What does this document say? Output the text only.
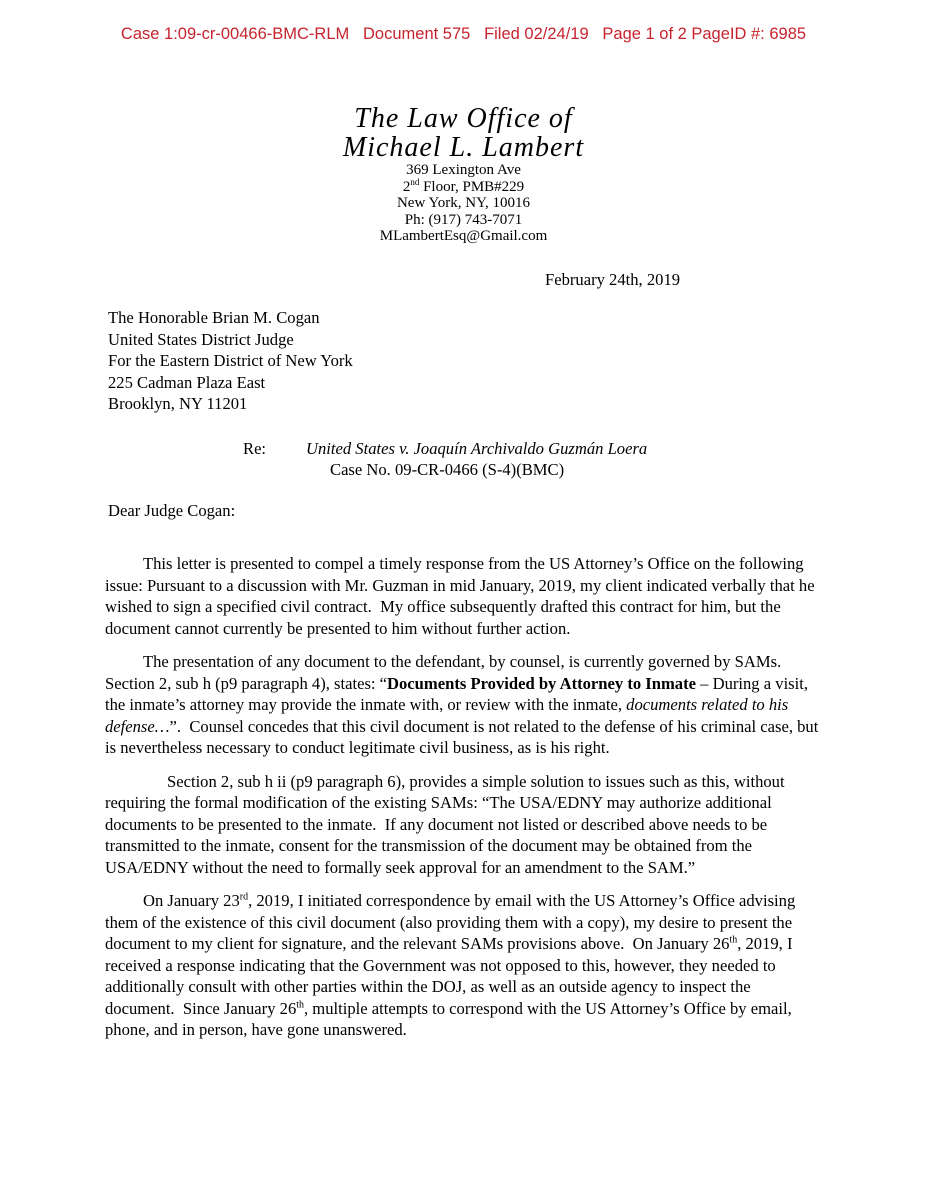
Case 1:09-cr-00466-BMC-RLM   Document 575   Filed 02/24/19   Page 1 of 2 PageID #: 6985
The Law Office of
Michael L. Lambert
369 Lexington Ave
2nd Floor, PMB#229
New York, NY, 10016
Ph: (917) 743-7071
MLambertEsq@Gmail.com
February 24th, 2019
The Honorable Brian M. Cogan
United States District Judge
For the Eastern District of New York
225 Cadman Plaza East
Brooklyn, NY 11201
Re: United States v. Joaquín Archivaldo Guzmán Loera
Case No. 09-CR-0466 (S-4)(BMC)
Dear Judge Cogan:

This letter is presented to compel a timely response from the US Attorney’s Office on the following issue: Pursuant to a discussion with Mr. Guzman in mid January, 2019, my client indicated verbally that he wished to sign a specified civil contract.  My office subsequently drafted this contract for him, but the document cannot currently be presented to him without further action.

The presentation of any document to the defendant, by counsel, is currently governed by SAMs. Section 2, sub h (p9 paragraph 4), states: “Documents Provided by Attorney to Inmate – During a visit, the inmate’s attorney may provide the inmate with, or review with the inmate, documents related to his defense…”.  Counsel concedes that this civil document is not related to the defense of his criminal case, but is nevertheless necessary to conduct legitimate civil business, as is his right.

Section 2, sub h ii (p9 paragraph 6), provides a simple solution to issues such as this, without requiring the formal modification of the existing SAMs: “The USA/EDNY may authorize additional documents to be presented to the inmate.  If any document not listed or described above needs to be transmitted to the inmate, consent for the transmission of the document may be obtained from the USA/EDNY without the need to formally seek approval for an amendment to the SAM.”

On January 23rd, 2019, I initiated correspondence by email with the US Attorney’s Office advising them of the existence of this civil document (also providing them with a copy), my desire to present the document to my client for signature, and the relevant SAMs provisions above.  On January 26th, 2019, I received a response indicating that the Government was not opposed to this, however, they needed to additionally consult with other parties within the DOJ, as well as an outside agency to inspect the document.  Since January 26th, multiple attempts to correspond with the US Attorney’s Office by email, phone, and in person, have gone unanswered.
